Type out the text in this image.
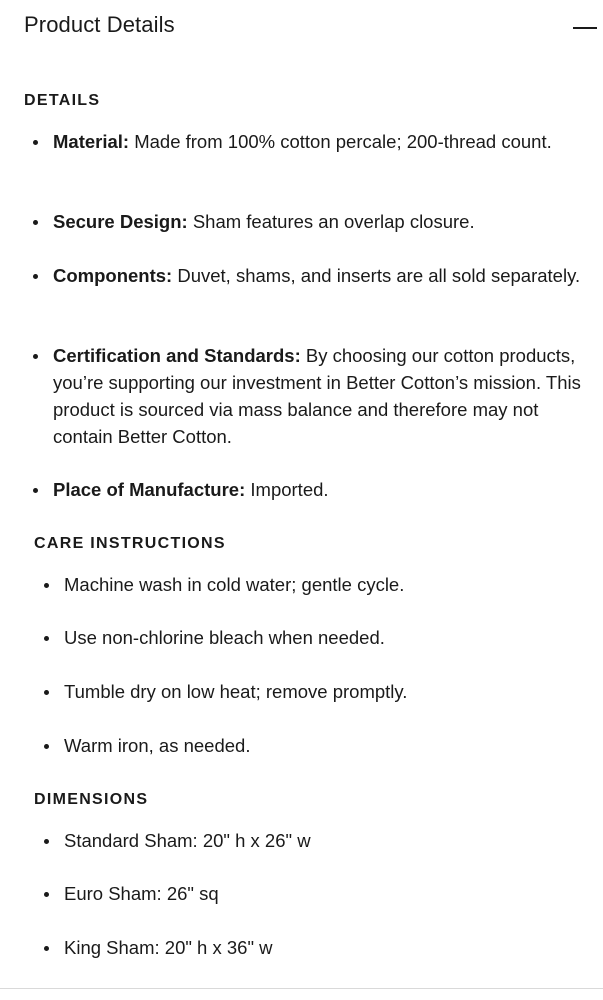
Product Details
DETAILS
Material: Made from 100% cotton percale; 200-thread count.
Secure Design: Sham features an overlap closure.
Components: Duvet, shams, and inserts are all sold separately.
Certification and Standards: By choosing our cotton products, you’re supporting our investment in Better Cotton’s mission. This product is sourced via mass balance and therefore may not contain Better Cotton.
Place of Manufacture: Imported.
CARE INSTRUCTIONS
Machine wash in cold water; gentle cycle.
Use non-chlorine bleach when needed.
Tumble dry on low heat; remove promptly.
Warm iron, as needed.
DIMENSIONS
Standard Sham: 20" h x 26" w
Euro Sham: 26" sq
King Sham: 20" h x 36" w
